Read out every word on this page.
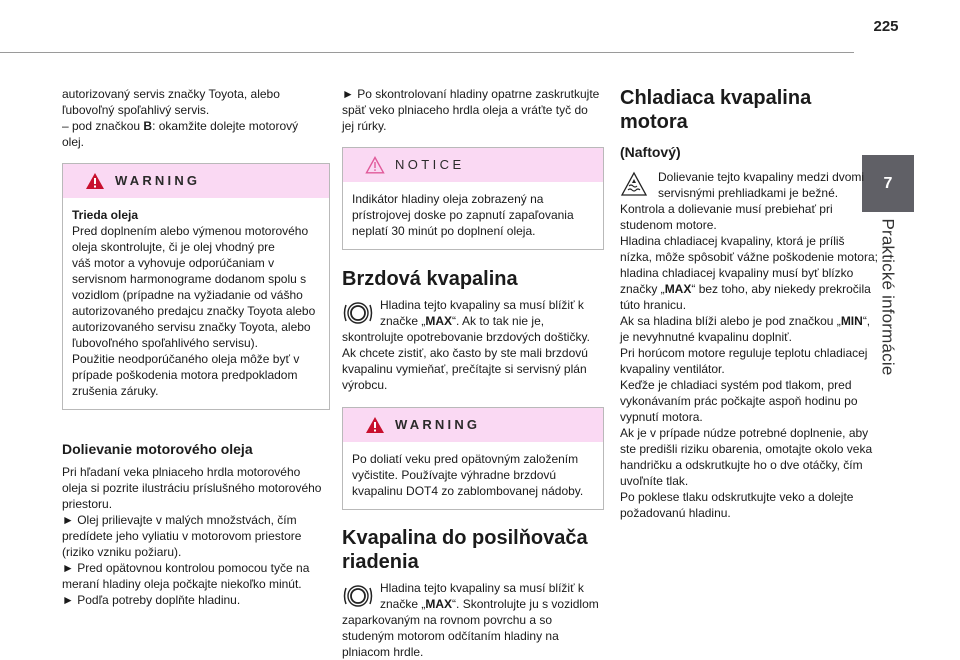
225
7
Praktické informácie

autorizovaný servis značky Toyota, alebo
ľubovoľný spoľahlivý servis.
– pod značkou B: okamžite dolejte motorový
olej.

WARNING
Trieda oleja
Pred doplnením alebo výmenou motorového
oleja skontrolujte, či je olej vhodný pre
váš motor a vyhovuje odporúčaniam v
servisnom harmonograme dodanom spolu s
vozidlom (prípadne na vyžiadanie od vášho
autorizovaného predajcu značky Toyota alebo
autorizovaného servisu značky Toyota, alebo
ľubovoľného spoľahlivého servisu).
Použitie neodporúčaného oleja môže byť v
prípade poškodenia motora predpokladom
zrušenia záruky.
Dolievanie motorového oleja

Pri hľadaní veka plniaceho hrdla motorového
oleja si pozrite ilustráciu príslušného motorového
priestoru.
► Olej prilievajte v malých množstvách, čím
predídete jeho vyliatiu v motorovom priestore
(riziko vzniku požiaru).
► Pred opätovnou kontrolou pomocou tyče na
meraní hladiny oleja počkajte niekoľko minút.
► Podľa potreby doplňte hladinu.

► Po skontrolovaní hladiny opatrne zaskrutkujte
späť veko plniaceho hrdla oleja a vráťte tyč do
jej rúrky.

NOTICE
Indikátor hladiny oleja zobrazený na
prístrojovej doske po zapnutí zapaľovania
neplatí 30 minút po doplnení oleja.
Brzdová kvapalina
Hladina tejto kvapaliny sa musí blížiť k
značke „MAX“. Ak to tak nie je,
skontrolujte opotrebovanie brzdových doštičky.
Ak chcete zistiť, ako často by ste mali brzdovú
kvapalinu vymieňať, prečítajte si servisný plán
výrobcu.
WARNING
Po doliatí veku pred opätovným založením
vyčistite. Používajte výhradne brzdovú
kvapalinu DOT4 zo zablombovanej nádoby.
Kvapalina do posilňovača
riadenia
Hladina tejto kvapaliny sa musí blížiť k
značke „MAX“. Skontrolujte ju s vozidlom
zaparkovaným na rovnom povrchu a so
studeným motorom odčítaním hladiny na
plniacom hrdle.
Chladiaca kvapalina motora
(Naftový)
Dolievanie tejto kvapaliny medzi dvomi
servisnými prehliadkami je bežné.
Kontrola a dolievanie musí prebiehať pri
studenom motore.
Hladina chladiacej kvapaliny, ktorá je príliš
nízka, môže spôsobiť vážne poškodenie motora;
hladina chladiacej kvapaliny musí byť blízko
značky „MAX“ bez toho, aby niekedy prekročila
túto hranicu.
Ak sa hladina blíži alebo je pod značkou „MIN“,
je nevyhnutné kvapalinu doplniť.
Pri horúcom motore reguluje teplotu chladiacej
kvapaliny ventilátor.
Keďže je chladiaci systém pod tlakom, pred
vykonávaním prác počkajte aspoň hodinu po
vypnutí motora.
Ak je v prípade núdze potrebné doplnenie, aby
ste predišli riziku obarenia, omotajte okolo veka
handričku a odskrutkujte ho o dve otáčky, čím
uvoľníte tlak.
Po poklese tlaku odskrutkujte veko a dolejte
požadovanú hladinu.
